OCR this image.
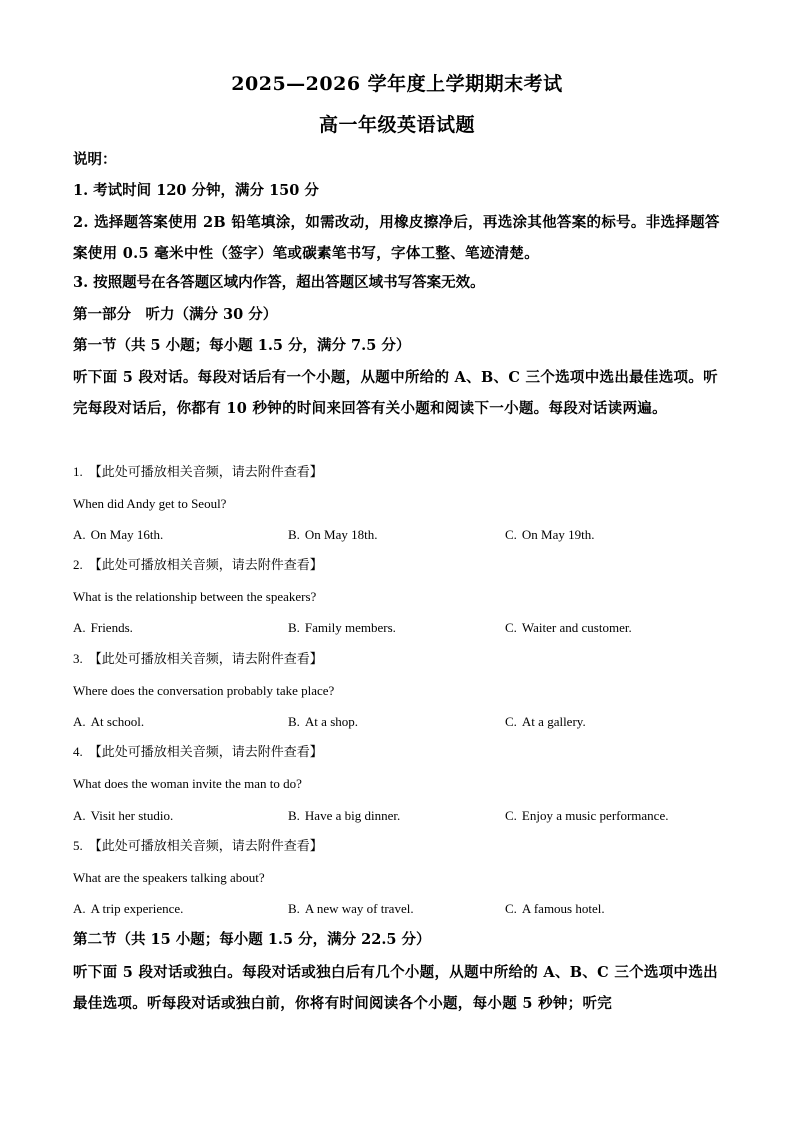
2025—2026 学年度上学期期末考试
高一年级英语试题
说明：
1. 考试时间 120 分钟，满分 150 分
2. 选择题答案使用 2B 铅笔填涂，如需改动，用橡皮擦净后，再选涂其他答案的标号。非选择题答案使用 0.5 毫米中性（签字）笔或碳素笔书写，字体工整、笔迹清楚。
3. 按照题号在各答题区域内作答，超出答题区域书写答案无效。
第一部分　听力（满分 30 分）
第一节（共 5 小题；每小题 1.5 分，满分 7.5 分）
听下面 5 段对话。每段对话后有一个小题，从题中所给的 A、B、C 三个选项中选出最佳选项。听完每段对话后，你都有 10 秒钟的时间来回答有关小题和阅读下一小题。每段对话读两遍。
1. 【此处可播放相关音频，请去附件查看】
When did Andy get to Seoul?
A. On May 16th.	B. On May 18th.	C. On May 19th.
2. 【此处可播放相关音频，请去附件查看】
What is the relationship between the speakers?
A. Friends.	B. Family members.	C. Waiter and customer.
3. 【此处可播放相关音频，请去附件查看】
Where does the conversation probably take place?
A. At school.	B. At a shop.	C. At a gallery.
4. 【此处可播放相关音频，请去附件查看】
What does the woman invite the man to do?
A. Visit her studio.	B. Have a big dinner.	C. Enjoy a music performance.
5. 【此处可播放相关音频，请去附件查看】
What are the speakers talking about?
A. A trip experience.	B. A new way of travel.	C. A famous hotel.
第二节（共 15 小题；每小题 1.5 分，满分 22.5 分）
听下面 5 段对话或独白。每段对话或独白后有几个小题，从题中所给的 A、B、C 三个选项中选出最佳选项。听每段对话或独白前，你将有时间阅读各个小题，每小题 5 秒钟；听完
